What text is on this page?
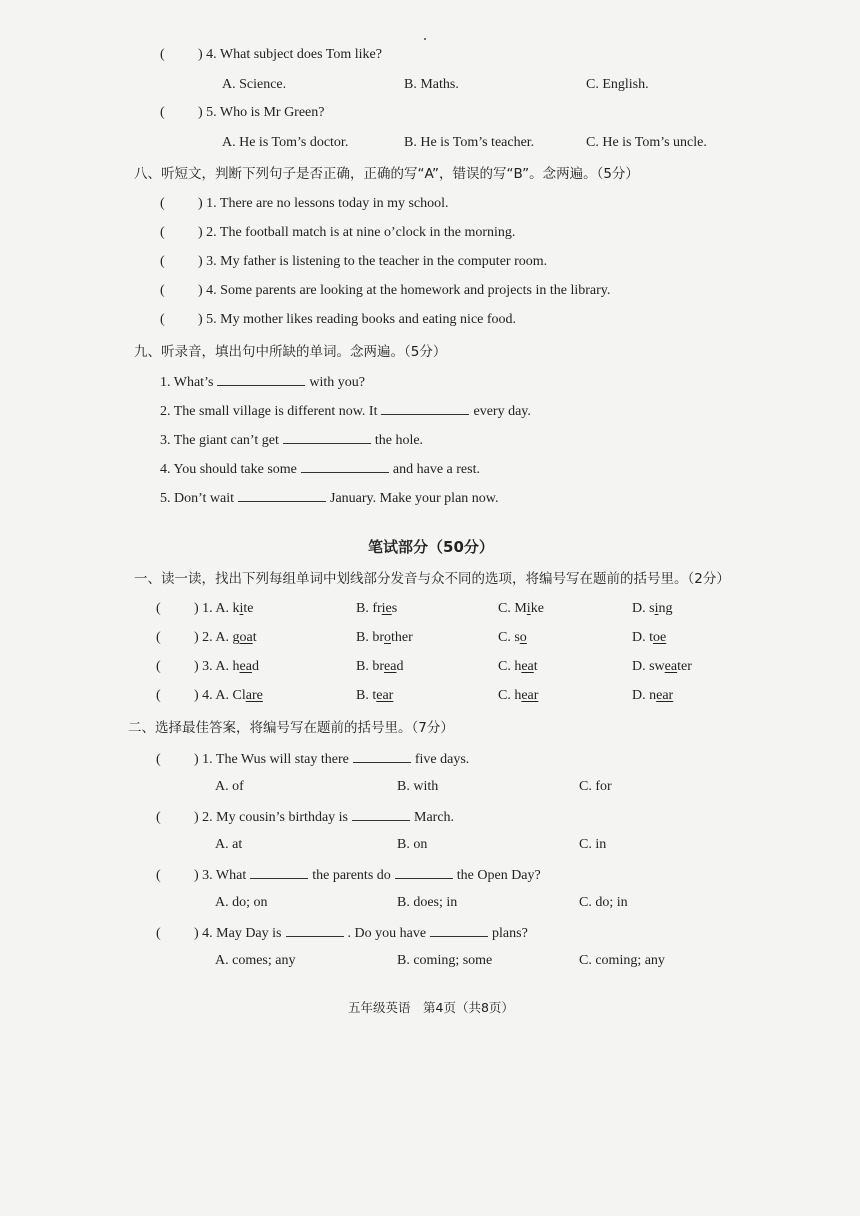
( ) 4. What subject does Tom like?
A. Science.	B. Maths.	C. English.
( ) 5. Who is Mr Green?
A. He is Tom’s doctor.	B. He is Tom’s teacher.	C. He is Tom’s uncle.
八、听短文，判断下列句子是否正确，正确的写“A”，错误的写“B”。念两遍。（5分）
( ) 1. There are no lessons today in my school.
( ) 2. The football match is at nine o’clock in the morning.
( ) 3. My father is listening to the teacher in the computer room.
( ) 4. Some parents are looking at the homework and projects in the library.
( ) 5. My mother likes reading books and eating nice food.
九、听录音，填出句中所缺的单词。念两遍。（5分）
1. What’s	with you?
2. The small village is different now. It	every day.
3. The giant can’t get	the hole.
4. You should take some	and have a rest.
5. Don’t wait	January. Make your plan now.
笔试部分（50分）
一、读一读，找出下列每组单词中划线部分发音与众不同的选项，将编号写在题前的括号里。（2分）
( ) 1. A. kite	B. fries	C. Mike	D. sing
( ) 2. A. goat	B. brother	C. so	D. toe
( ) 3. A. head	B. bread	C. heat	D. sweater
( ) 4. A. Clare	B. tear	C. hear	D. near
二、选择最佳答案，将编号写在题前的括号里。（7分）
( ) 1. The Wus will stay there	five days.
A. of	B. with	C. for
( ) 2. My cousin’s birthday is	March.
A. at	B. on	C. in
( ) 3. What	the parents do	the Open Day?
A. do; on	B. does; in	C. do; in
( ) 4. May Day is	. Do you have	plans?
A. comes; any	B. coming; some	C. coming; any
五年级英语　第4页（共8页）
